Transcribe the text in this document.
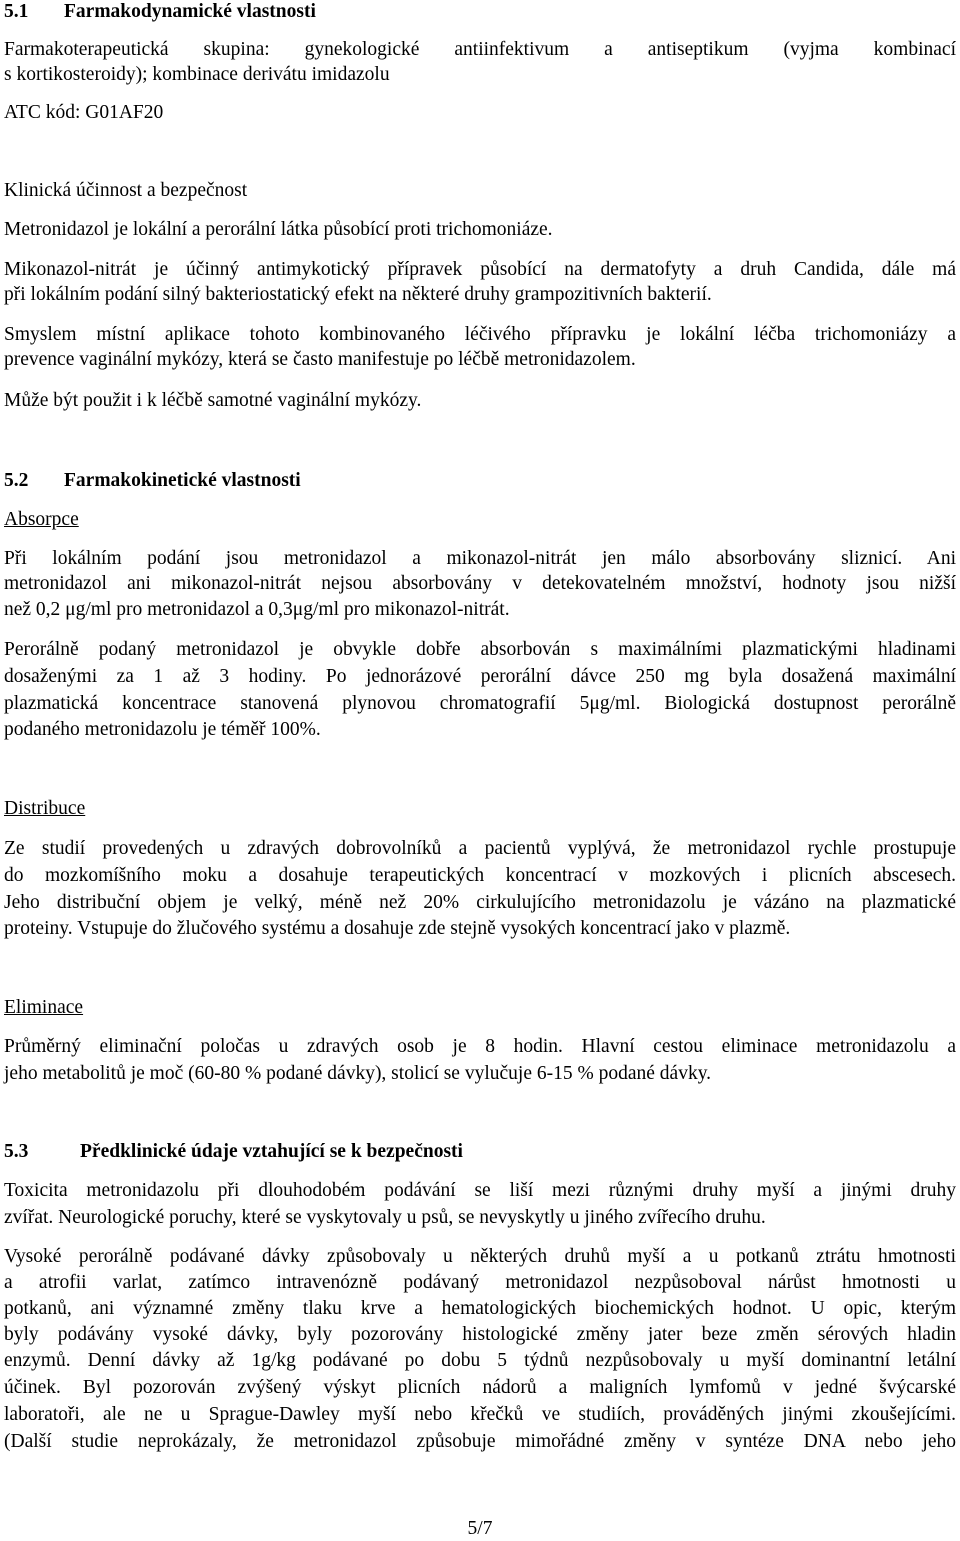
5.1 Farmakodynamické vlastnosti

Farmakoterapeutická skupina: gynekologické antiinfektivum a antiseptikum (vyjma kombinací

s kortikosteroidy); kombinace derivátu imidazolu

ATC kód: G01AF20

Klinická účinnost a bezpečnost

Metronidazol je lokální a perorální látka působící proti trichomoniáze.

Mikonazol-nitrát je účinný antimykotický přípravek působící na dermatofyty a druh Candida, dále má

při lokálním podání silný bakteriostatický efekt na některé druhy grampozitivních bakterií.

Smyslem místní aplikace tohoto kombinovaného léčivého přípravku je lokální léčba trichomoniázy a

prevence vaginální mykózy, která se často manifestuje po léčbě metronidazolem.

Může být použit i k léčbě samotné vaginální mykózy.

5.2 Farmakokinetické vlastnosti

Absorpce

Při lokálním podání jsou metronidazol a mikonazol-nitrát jen málo absorbovány sliznicí. Ani

metronidazol ani mikonazol-nitrát nejsou absorbovány v detekovatelném množství, hodnoty jsou nižší

než 0,2 μg/ml pro metronidazol a 0,3μg/ml pro mikonazol-nitrát.

Perorálně podaný metronidazol je obvykle dobře absorbován s maximálními plazmatickými hladinami

dosaženými za 1 až 3 hodiny. Po jednorázové perorální dávce 250 mg byla dosažená maximální

plazmatická koncentrace stanovená plynovou chromatografií 5μg/ml. Biologická dostupnost perorálně

podaného metronidazolu je téměř 100%.

Distribuce

Ze studií provedených u zdravých dobrovolníků a pacientů vyplývá, že metronidazol rychle prostupuje

do mozkomíšního moku a dosahuje terapeutických koncentrací v mozkových i plicních abscesech.

Jeho distribuční objem je velký, méně než 20% cirkulujícího metronidazolu je vázáno na plazmatické

proteiny. Vstupuje do žlučového systému a dosahuje zde stejně vysokých koncentrací jako v plazmě.

Eliminace

Průměrný eliminační poločas u zdravých osob je 8 hodin. Hlavní cestou eliminace metronidazolu a

jeho metabolitů je moč (60-80 % podané dávky), stolicí se vylučuje 6-15 % podané dávky.

5.3	Předklinické údaje vztahující se k bezpečnosti

Toxicita metronidazolu při dlouhodobém podávání se liší mezi různými druhy myší a jinými druhy

zvířat. Neurologické poruchy, které se vyskytovaly u psů, se nevyskytly u jiného zvířecího druhu.

Vysoké perorálně podávané dávky způsobovaly u některých druhů myší a u potkanů ztrátu hmotnosti

a atrofii varlat, zatímco intravenózně podávaný metronidazol nezpůsoboval nárůst hmotnosti u

potkanů, ani významné změny tlaku krve a hematologických biochemických hodnot. U opic, kterým

byly podávány vysoké dávky, byly pozorovány histologické změny jater beze změn sérových hladin

enzymů. Denní dávky až 1g/kg podávané po dobu 5 týdnů nezpůsobovaly u myší dominantní letální

účinek. Byl pozorován zvýšený výskyt plicních nádorů a maligních lymfomů v jedné švýcarské

laboratoři, ale ne u Sprague-Dawley myší nebo křečků ve studiích, prováděných jinými zkoušejícími.

(Další studie neprokázaly, že metronidazol způsobuje mimořádné změny v syntéze DNA nebo jeho

5/7
